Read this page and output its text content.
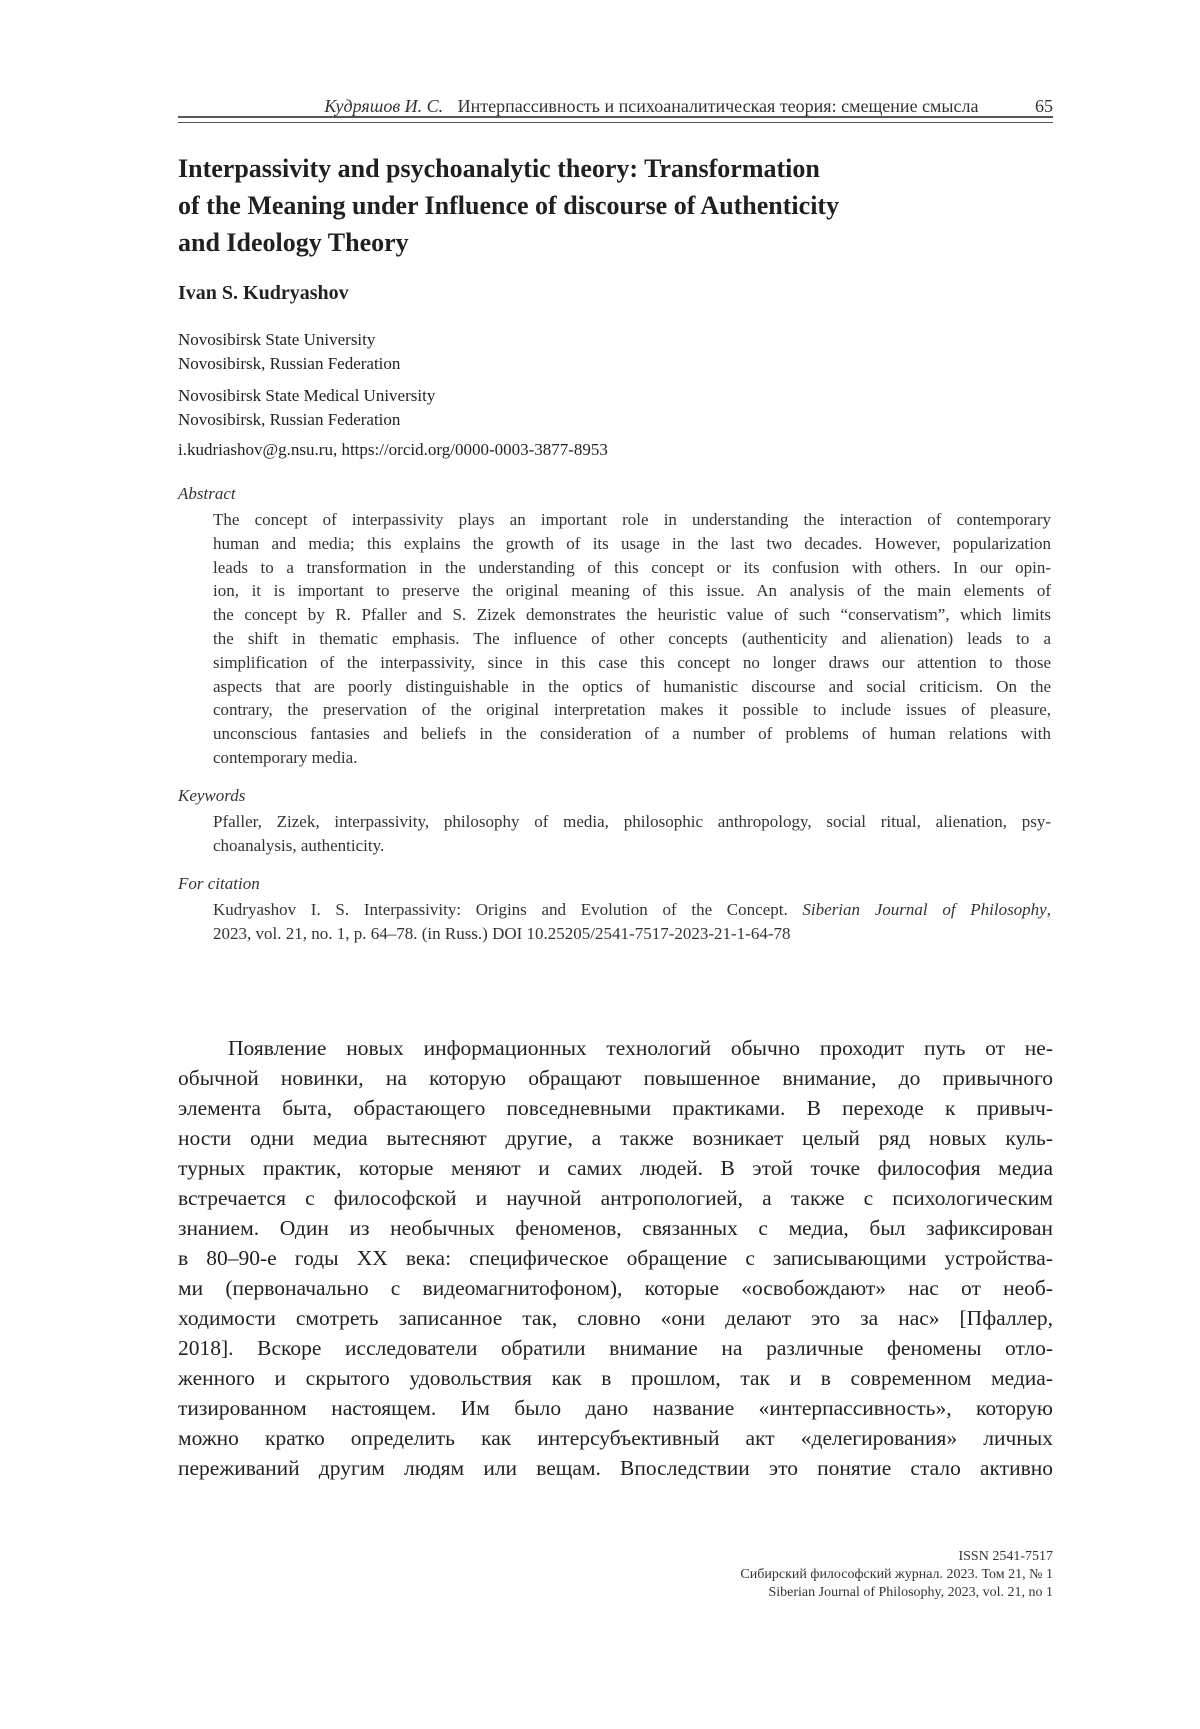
Кудряшов И. С. Интерпассивность и психоаналитическая теория: смещение смысла	65
Interpassivity and psychoanalytic theory: Transformation
of the Meaning under Influence of discourse of Authenticity
and Ideology Theory
Ivan S. Kudryashov
Novosibirsk State University
Novosibirsk, Russian Federation
Novosibirsk State Medical University
Novosibirsk, Russian Federation
i.kudriashov@g.nsu.ru, https://orcid.org/0000-0003-3877-8953
Abstract
The concept of interpassivity plays an important role in understanding the interaction of contemporary
human and media; this explains the growth of its usage in the last two decades. However, popularization
leads to a transformation in the understanding of this concept or its confusion with others. In our opin-
ion, it is important to preserve the original meaning of this issue. An analysis of the main elements of
the concept by R. Pfaller and S. Zizek demonstrates the heuristic value of such “conservatism”, which limits
the shift in thematic emphasis. The influence of other concepts (authenticity and alienation) leads to a
simplification of the interpassivity, since in this case this concept no longer draws our attention to those
aspects that are poorly distinguishable in the optics of humanistic discourse and social criticism. On the
contrary, the preservation of the original interpretation makes it possible to include issues of pleasure,
unconscious fantasies and beliefs in the consideration of a number of problems of human relations with
contemporary media.
Keywords
Pfaller, Zizek, interpassivity, philosophy of media, philosophic anthropology, social ritual, alienation, psy-
choanalysis, authenticity.
For citation
Kudryashov I. S. Interpassivity: Origins and Evolution of the Concept. Siberian Journal of Philosophy,
2023, vol. 21, no. 1, p. 64–78. (in Russ.) DOI 10.25205/2541-7517-2023-21-1-64-78
Появление новых информационных технологий обычно проходит путь от не-
обычной новинки, на которую обращают повышенное внимание, до привычного
элемента быта, обрастающего повседневными практиками. В переходе к привыч-
ности одни медиа вытесняют другие, а также возникает целый ряд новых куль-
турных практик, которые меняют и самих людей. В этой точке философия медиа
встречается с философской и научной антропологией, а также с психологическим
знанием. Один из необычных феноменов, связанных с медиа, был зафиксирован
в 80–90-е годы XX века: специфическое обращение с записывающими устройства-
ми (первоначально с видеомагнитофоном), которые «освобождают» нас от необ-
ходимости смотреть записанное так, словно «они делают это за нас» [Пфаллер,
2018]. Вскоре исследователи обратили внимание на различные феномены отло-
женного и скрытого удовольствия как в прошлом, так и в современном медиа-
тизированном настоящем. Им было дано название «интерпассивность», которую
можно кратко определить как интерсубъективный акт «делегирования» личных
переживаний другим людям или вещам. Впоследствии это понятие стало активно
ISSN 2541-7517
Сибирский философский журнал. 2023. Том 21, № 1
Siberian Journal of Philosophy, 2023, vol. 21, no 1
